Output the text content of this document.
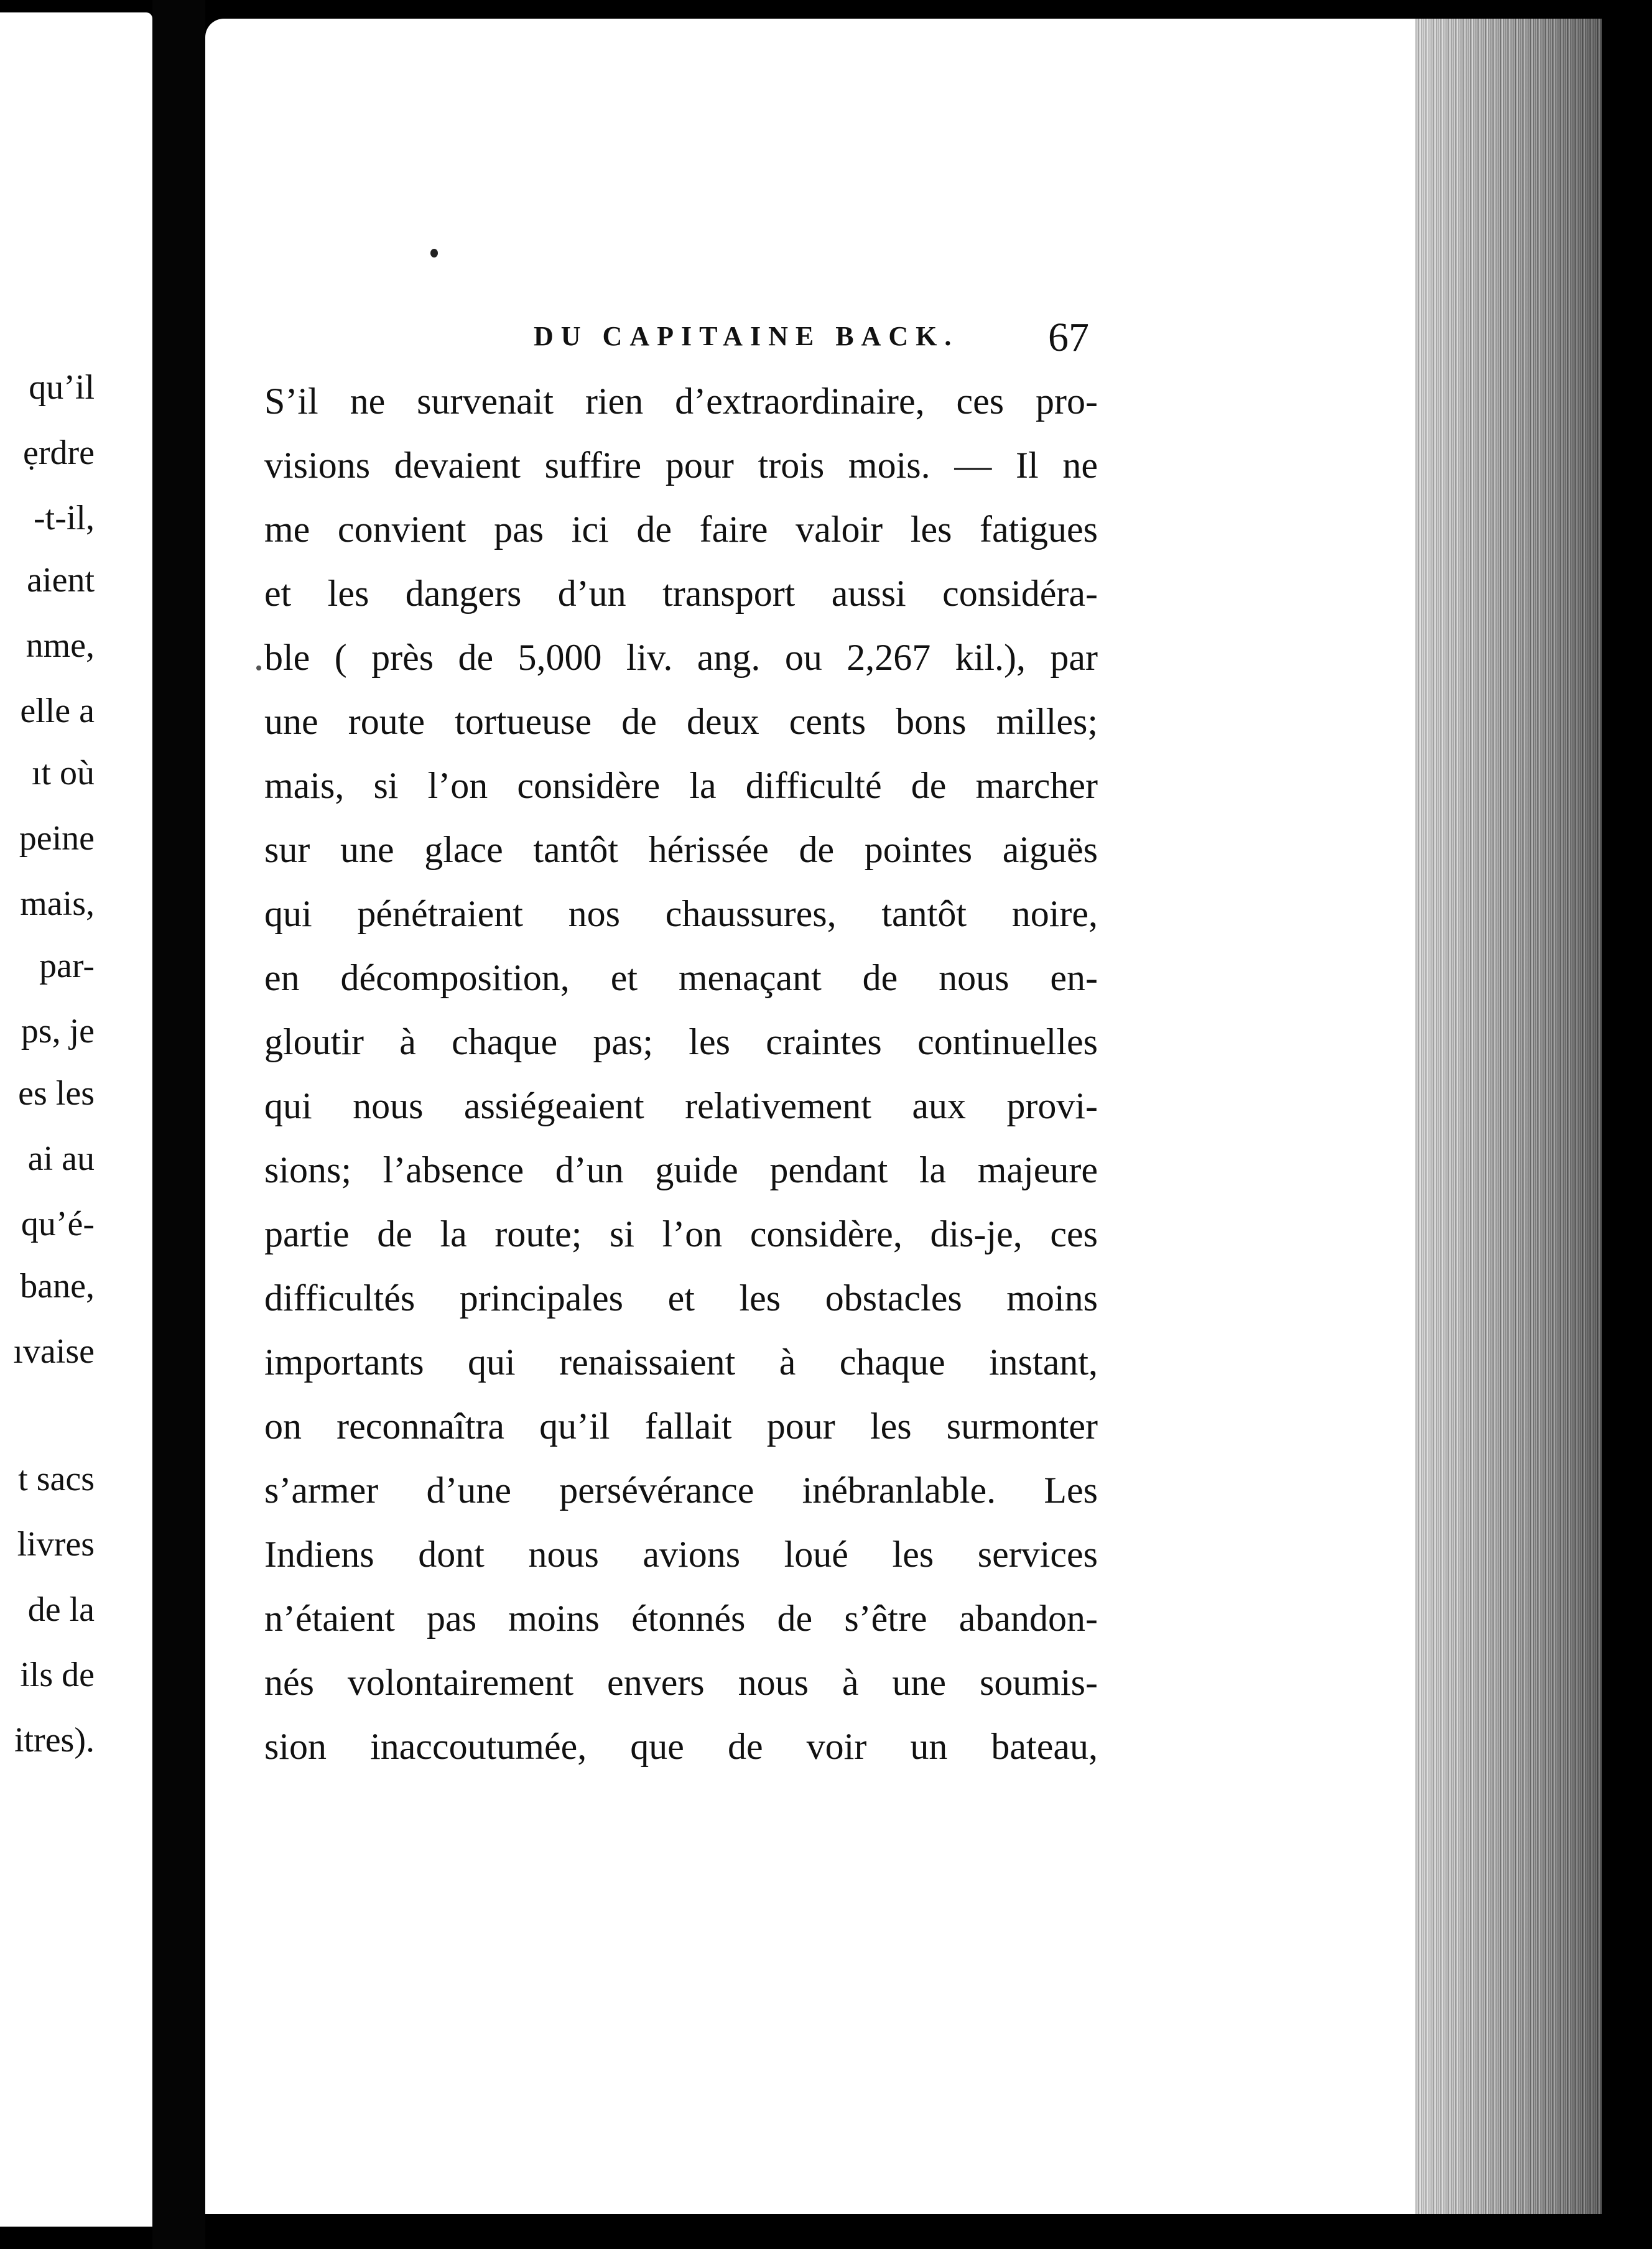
qu’il
ẹrdre
-t-il,
aient
nme,
elle a
ıt où
peine
mais,
par-
ps, je
es les
ai au
qu’é-
bane,
ıvaise
t sacs
livres
de la
ils de
itres).
DU CAPITAINE BACK. 67
S’il ne survenait rien d’extraordinaire, ces pro-
visions devaient suffire pour trois mois. — Il ne
me convient pas ici de faire valoir les fatigues
et les dangers d’un transport aussi considéra-
ble ( près de 5,000 liv. ang. ou 2,267 kil.), par
une route tortueuse de deux cents bons milles;
mais, si l’on considère la difficulté de marcher
sur une glace tantôt hérissée de pointes aiguës
qui pénétraient nos chaussures, tantôt noire,
en décomposition, et menaçant de nous en-
gloutir à chaque pas; les craintes continuelles
qui nous assiégeaient relativement aux provi-
sions; l’absence d’un guide pendant la majeure
partie de la route; si l’on considère, dis-je, ces
difficultés principales et les obstacles moins
importants qui renaissaient à chaque instant,
on reconnaîtra qu’il fallait pour les surmonter
s’armer d’une persévérance inébranlable. Les
Indiens dont nous avions loué les services
n’étaient pas moins étonnés de s’être abandon-
nés volontairement envers nous à une soumis-
sion inaccoutumée, que de voir un bateau,
